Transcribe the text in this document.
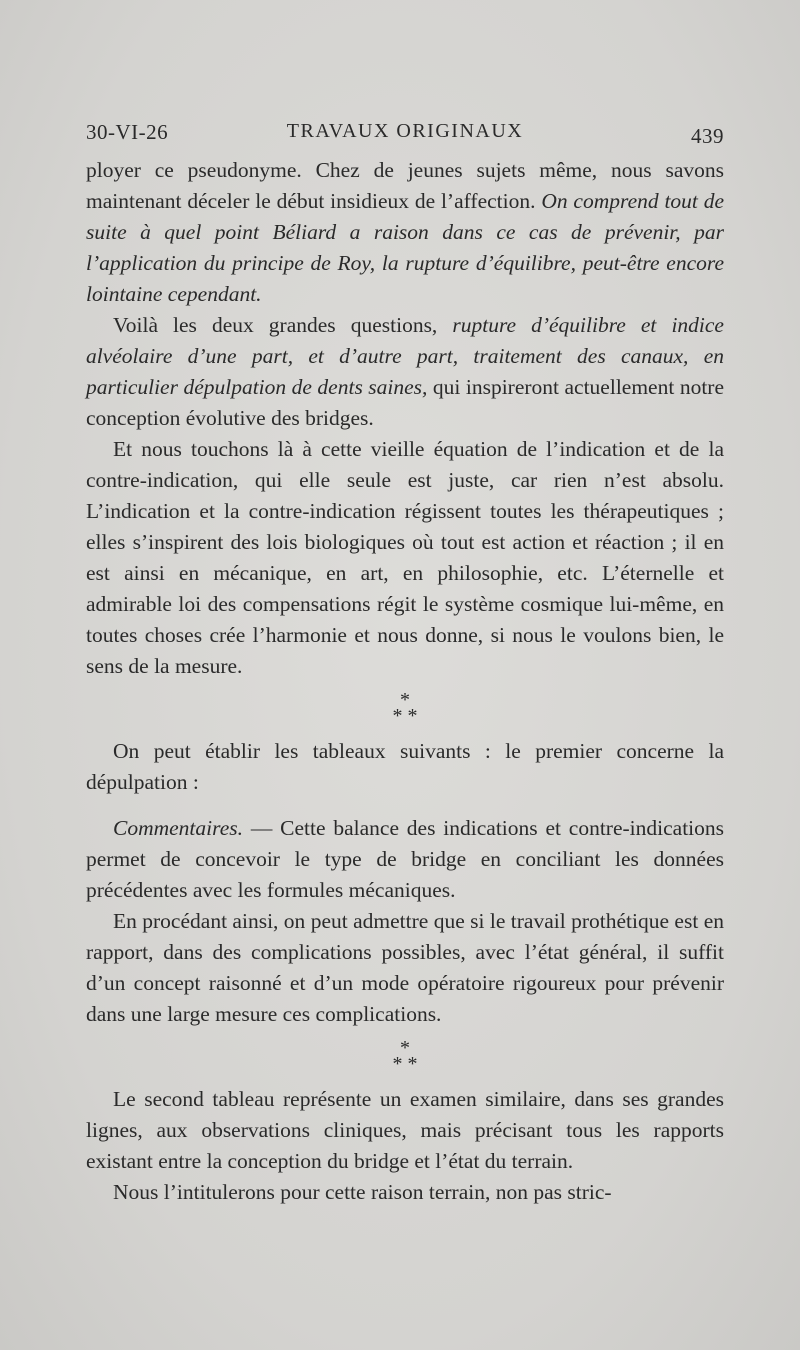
30-VI-26	TRAVAUX ORIGINAUX	439

ployer ce pseudonyme. Chez de jeunes sujets même, nous savons maintenant déceler le début insidieux de l’affection. On comprend tout de suite à quel point Béliard a raison dans ce cas de prévenir, par l’application du principe de Roy, la rupture d’équilibre, peut-être encore lointaine cependant.

Voilà les deux grandes questions, rupture d’équilibre et indice alvéolaire d’une part, et d’autre part, traitement des canaux, en particulier dépulpation de dents saines, qui inspireront actuellement notre conception évolutive des bridges.

Et nous touchons là à cette vieille équation de l’indication et de la contre-indication, qui elle seule est juste, car rien n’est absolu. L’indication et la contre-indication régissent toutes les thérapeutiques ; elles s’inspirent des lois biologiques où tout est action et réaction ; il en est ainsi en mécanique, en art, en philosophie, etc. L’éternelle et admirable loi des compensations régit le système cosmique lui-même, en toutes choses crée l’harmonie et nous donne, si nous le voulons bien, le sens de la mesure.

*
* *

On peut établir les tableaux suivants : le premier concerne la dépulpation :

Commentaires. — Cette balance des indications et contre-indications permet de concevoir le type de bridge en conciliant les données précédentes avec les formules mécaniques.

En procédant ainsi, on peut admettre que si le travail prothétique est en rapport, dans des complications possibles, avec l’état général, il suffit d’un concept raisonné et d’un mode opératoire rigoureux pour prévenir dans une large mesure ces complications.

*
* *

Le second tableau représente un examen similaire, dans ses grandes lignes, aux observations cliniques, mais précisant tous les rapports existant entre la conception du bridge et l’état du terrain.

Nous l’intitulerons pour cette raison terrain, non pas stric-
